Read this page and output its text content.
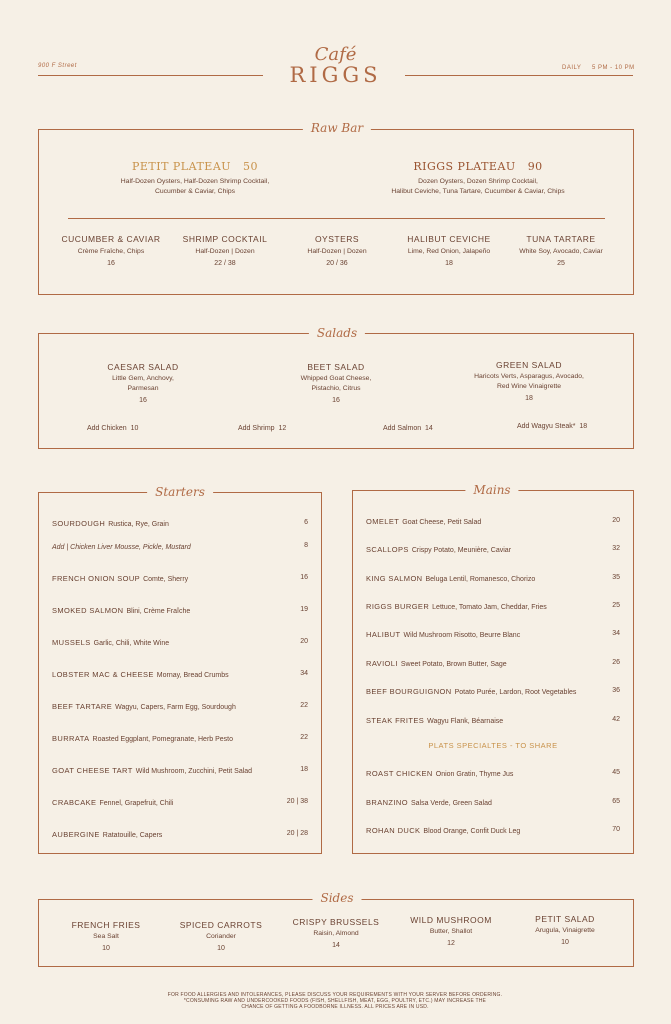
900 F Street	DAILY 5 PM - 10 PM
Café
RIGGS
Raw Bar
PETIT PLATEAU 50
Half-Dozen Oysters, Half-Dozen Shrimp Cocktail,
Cucumber & Caviar, Chips
RIGGS PLATEAU 90
Dozen Oysters, Dozen Shrimp Cocktail,
Halibut Ceviche, Tuna Tartare, Cucumber & Caviar, Chips
CUCUMBER & CAVIAR
Crème Fraîche, Chips
16
SHRIMP COCKTAIL
Half-Dozen | Dozen
22 / 38
OYSTERS
Half-Dozen | Dozen
20 / 36
HALIBUT CEVICHE
Lime, Red Onion, Jalapeño
18
TUNA TARTARE
White Soy, Avocado, Caviar
25
Salads
CAESAR SALAD
Little Gem, Anchovy,
Parmesan
16
BEET SALAD
Whipped Goat Cheese,
Pistachio, Citrus
16
GREEN SALAD
Haricots Verts, Asparagus, Avocado,
Red Wine Vinaigrette
18
Add Chicken 10	Add Shrimp 12	Add Salmon 14	Add Wagyu Steak* 18
Starters
SOURDOUGH Rustica, Rye, Grain	6
Add | Chicken Liver Mousse, Pickle, Mustard	8
FRENCH ONION SOUP Comte, Sherry	16
SMOKED SALMON Blini, Crème Fraîche	19
MUSSELS Garlic, Chili, White Wine	20
LOBSTER MAC & CHEESE Mornay, Bread Crumbs	34
BEEF TARTARE Wagyu, Capers, Farm Egg, Sourdough	22
BURRATA Roasted Eggplant, Pomegranate, Herb Pesto	22
GOAT CHEESE TART Wild Mushroom, Zucchini, Petit Salad	18
CRABCAKE Fennel, Grapefruit, Chili	20 | 38
AUBERGINE Ratatouille, Capers	20 | 28
Mains
OMELET Goat Cheese, Petit Salad	20
SCALLOPS Crispy Potato, Meunière, Caviar	32
KING SALMON Beluga Lentil, Romanesco, Chorizo	35
RIGGS BURGER Lettuce, Tomato Jam, Cheddar, Fries	25
HALIBUT Wild Mushroom Risotto, Beurre Blanc	34
RAVIOLI Sweet Potato, Brown Butter, Sage	26
BEEF BOURGUIGNON Potato Purée, Lardon, Root Vegetables	36
STEAK FRITES Wagyu Flank, Béarnaise	42
PLATS SPECIALTES - TO SHARE
ROAST CHICKEN Onion Gratin, Thyme Jus	45
BRANZINO Salsa Verde, Green Salad	65
ROHAN DUCK Blood Orange, Confit Duck Leg	70
Sides
FRENCH FRIES
Sea Salt
10
SPICED CARROTS
Coriander
10
CRISPY BRUSSELS
Raisin, Almond
14
WILD MUSHROOM
Butter, Shallot
12
PETIT SALAD
Arugula, Vinaigrette
10
FOR FOOD ALLERGIES AND INTOLERANCES, PLEASE DISCUSS YOUR REQUIREMENTS WITH YOUR SERVER BEFORE ORDERING.
*CONSUMING RAW AND UNDERCOOKED FOODS (FISH, SHELLFISH, MEAT, EGG, POULTRY, ETC.) MAY INCREASE THE
CHANCE OF GETTING A FOODBORNE ILLNESS. ALL PRICES ARE IN USD.
